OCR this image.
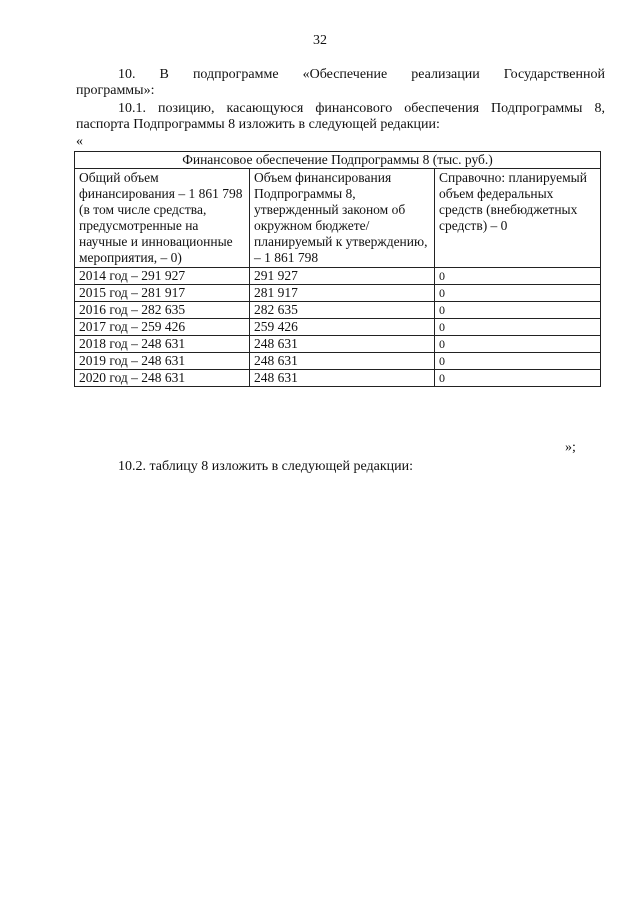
32
10. В подпрограмме «Обеспечение реализации Государственной
программы»:
10.1. позицию, касающуюся финансового обеспечения Подпрограммы 8,
паспорта Подпрограммы 8 изложить в следующей редакции:
«
Финансовое обеспечение Подпрограммы 8 (тыс. руб.)		
Общий объем финансирования – 1 861 798 (в том числе средства, предусмотренные на научные и инновационные мероприятия, – 0)	Объем финансирования Подпрограммы 8, утвержденный законом об окружном бюджете/ планируемый к утверждению, – 1 861 798	Справочно: планируемый объем федеральных средств (внебюджетных средств) – 0
2014 год – 291 927	291 927	0
2015 год – 281 917	281 917	0
2016 год – 282 635	282 635	0
2017 год – 259 426	259 426	0
2018 год – 248 631	248 631	0
2019 год – 248 631	248 631	0
2020 год – 248 631	248 631	0
»;
10.2. таблицу 8 изложить в следующей редакции:
